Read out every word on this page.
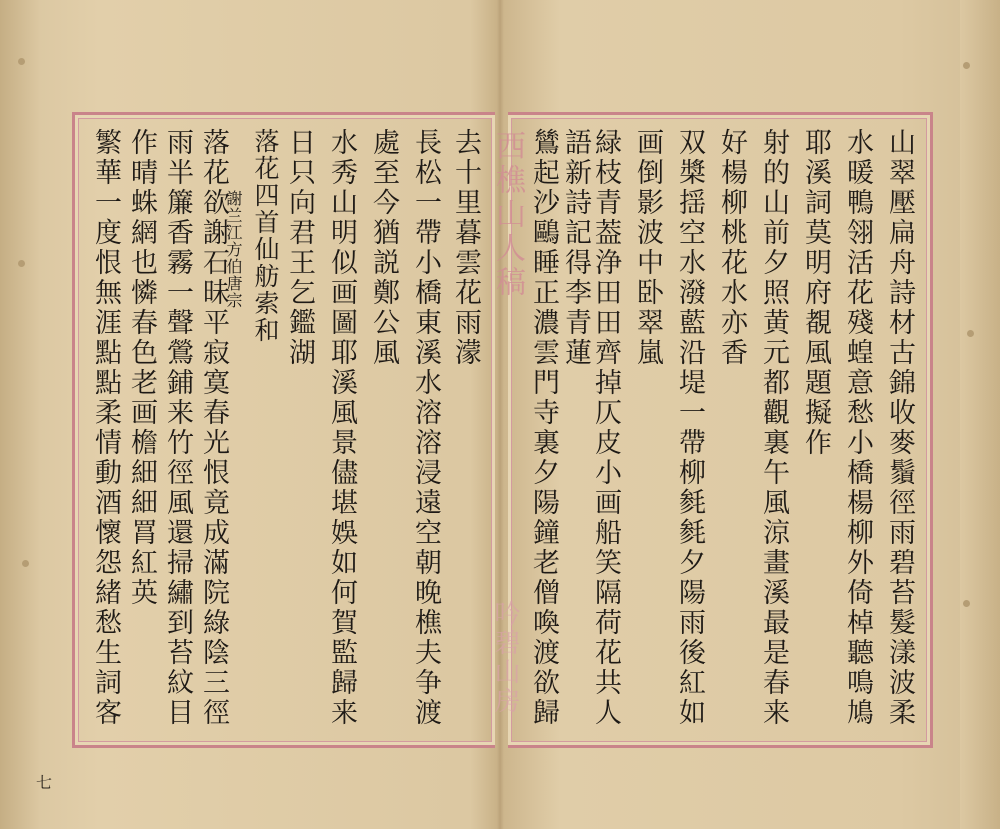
西樵山人稿
吟碧山房	山翠壓扁舟詩材古錦收麥鬚徑雨碧苔髮漾波柔
水暖鴨翎活花殘蝗意愁小橋楊柳外倚棹聽鳴鳩
耶溪詞莫明府覩風題擬作
射的山前夕照黄元都觀裏午風涼畫溪最是春来
好楊柳桃花水亦香
双槳揺空水潑藍沿堤一帶柳毵毵夕陽雨後紅如
画倒影波中卧翠嵐
緑枝青葢浄田田齊掉仄皮小画船笑隔荷花共人
語新詩記得李青蓮
鷥起沙鷗睡正濃雲門寺裏夕陽鐘老僧喚渡欲歸
去十里暮雲花雨濛
長松一帶小橋東溪水溶溶浸遠空朝晚樵夫争渡
處至今猶説鄭公風
水秀山明似画圖耶溪風景儘堪娛如何賀監歸来
日只向君王乞鑑湖
落花四首仙舫索和
謝兰江方伯唐宗
落花欲謝石昧平寂寞春光恨竟成滿院綠陰三徑
雨半簾香霧一聲鶯鋪来竹徑風還掃繡到苔紋目
作晴蛛網也憐春色老画檐細細罥紅英
繁華一度恨無涯點點柔情動酒懷怨緒愁生詞客
七
